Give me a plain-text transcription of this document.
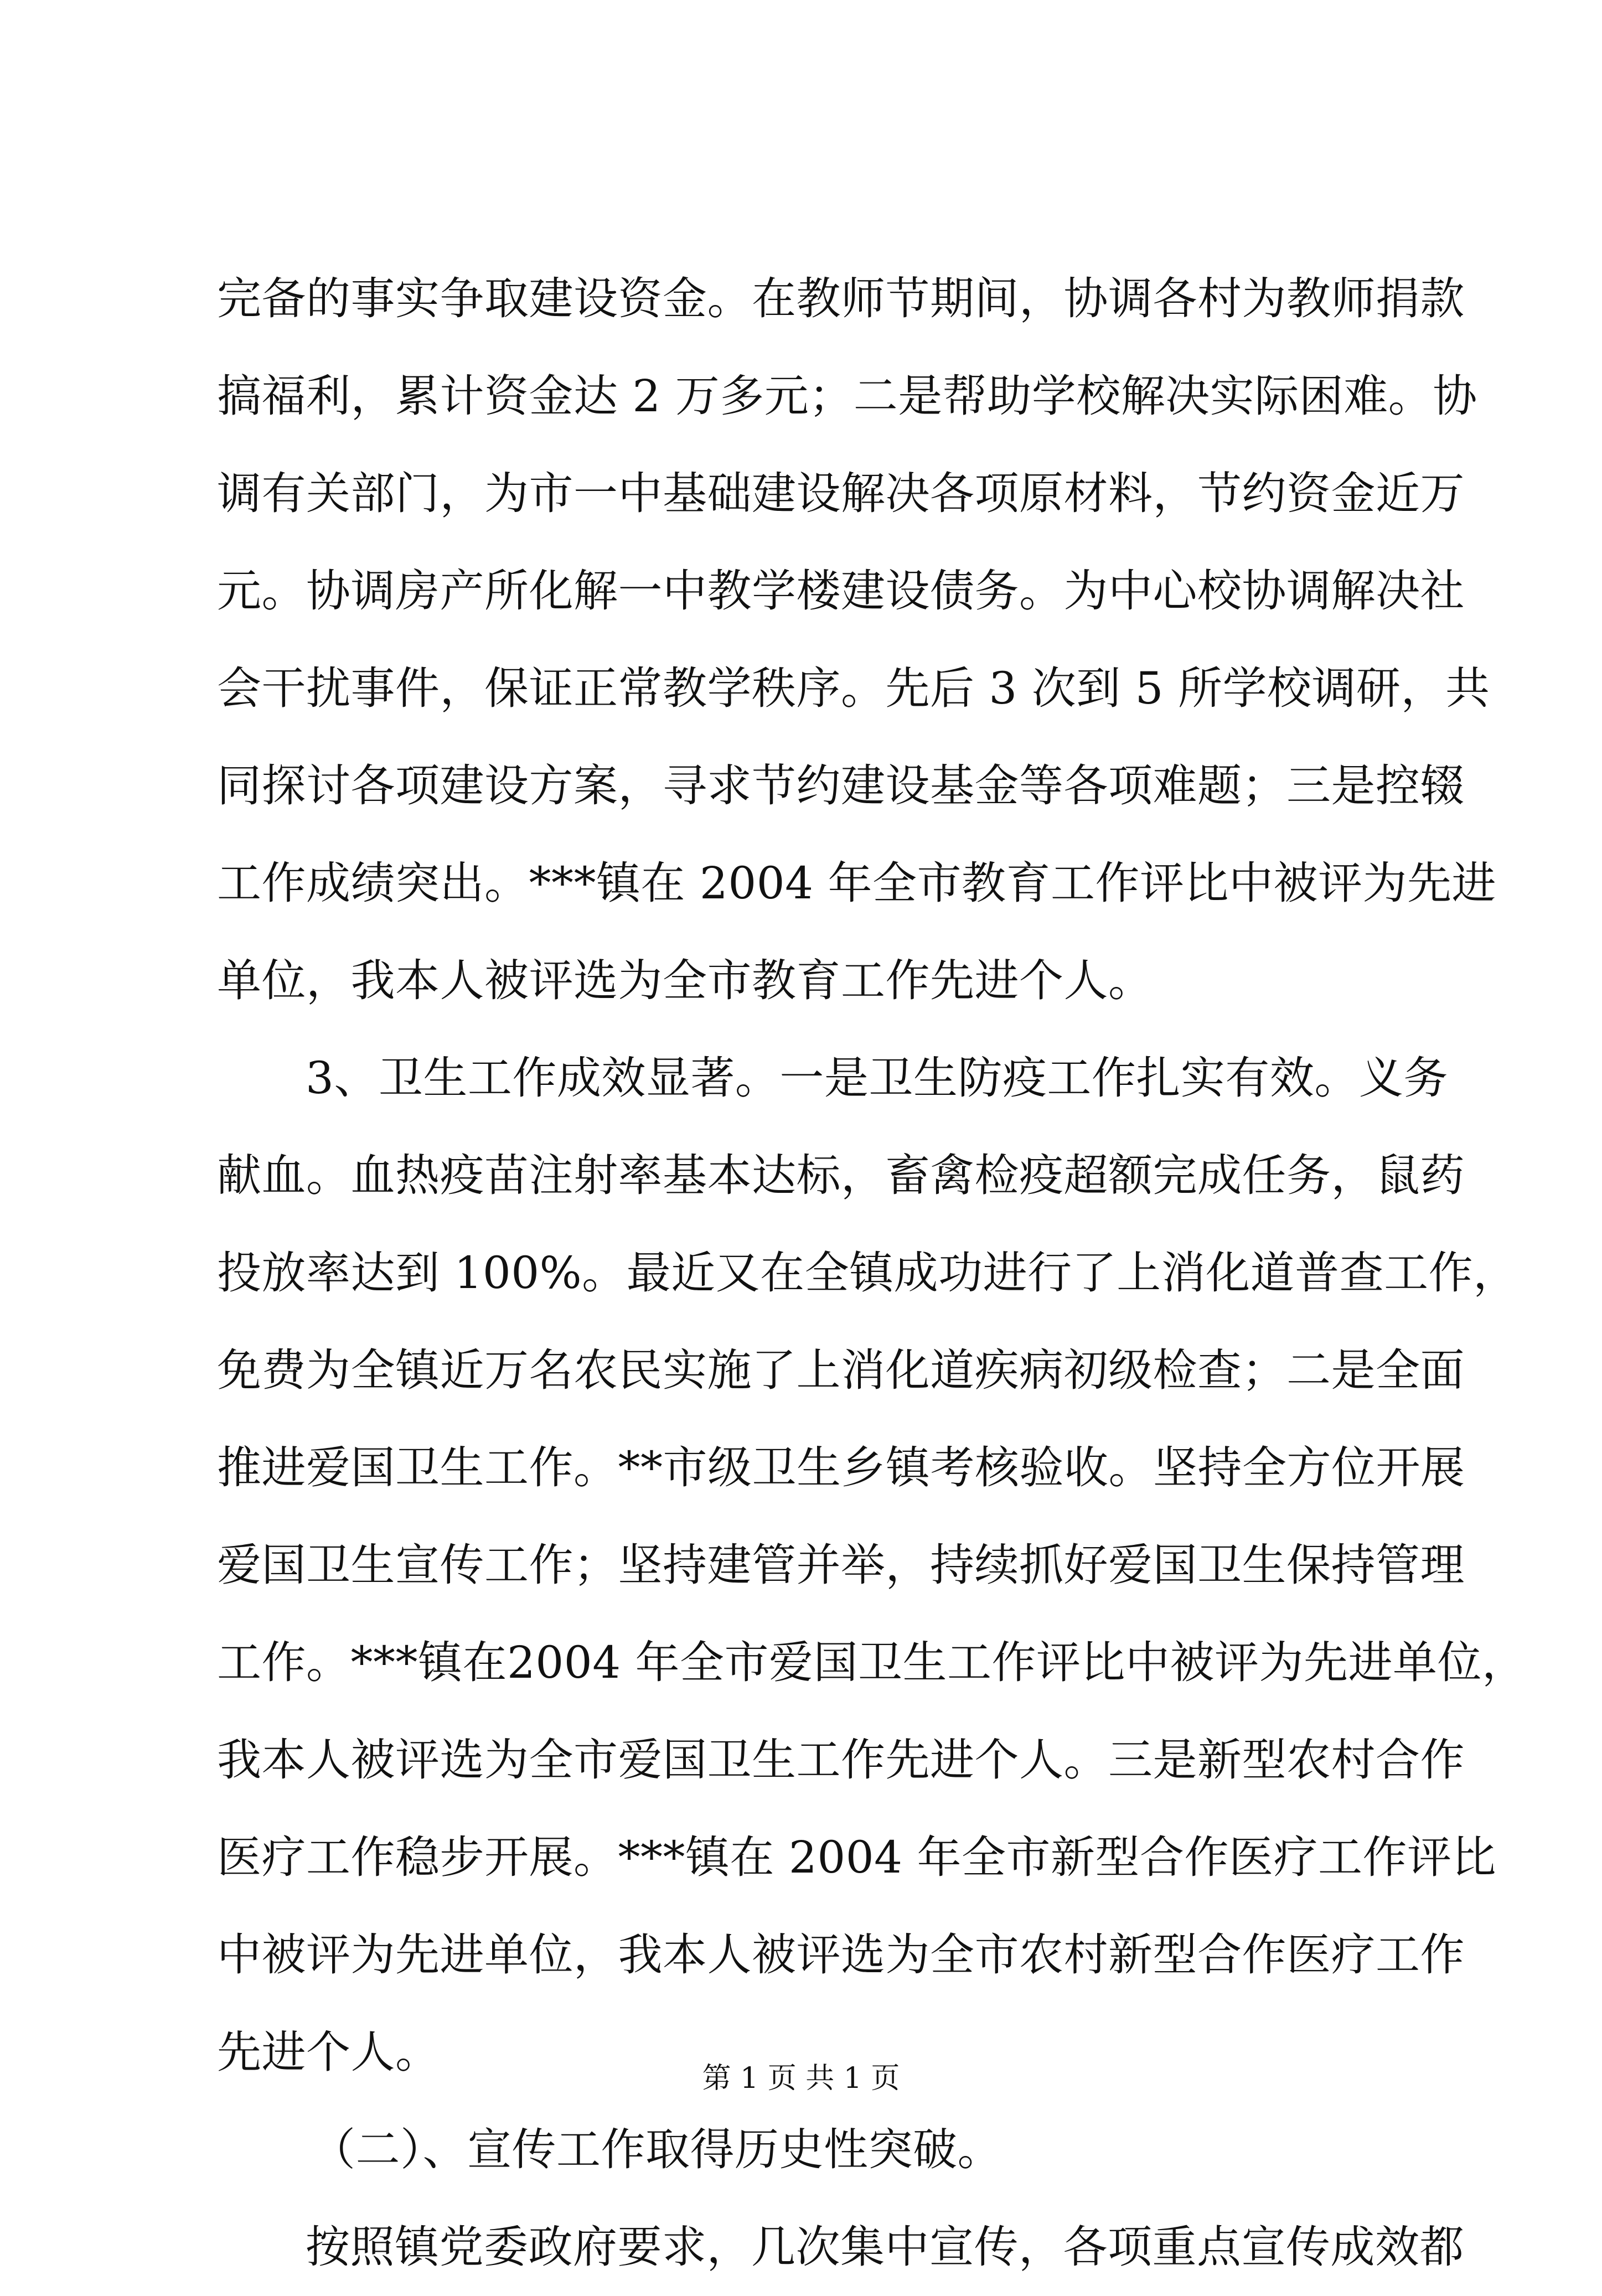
完备的事实争取建设资金。在教师节期间，协调各村为教师捐款
搞福利，累计资金达 2 万多元；二是帮助学校解决实际困难。协
调有关部门，为市一中基础建设解决各项原材料，节约资金近万
元。协调房产所化解一中教学楼建设债务。为中心校协调解决社
会干扰事件，保证正常教学秩序。先后 3 次到 5 所学校调研，共
同探讨各项建设方案，寻求节约建设基金等各项难题；三是控辍
工作成绩突出。***镇在 2004 年全市教育工作评比中被评为先进
单位，我本人被评选为全市教育工作先进个人。
3、卫生工作成效显著。一是卫生防疫工作扎实有效。义务
献血。血热疫苗注射率基本达标，畜禽检疫超额完成任务，鼠药
投放率达到 100%。最近又在全镇成功进行了上消化道普查工作，
免费为全镇近万名农民实施了上消化道疾病初级检查；二是全面
推进爱国卫生工作。**市级卫生乡镇考核验收。坚持全方位开展
爱国卫生宣传工作；坚持建管并举，持续抓好爱国卫生保持管理
工作。***镇在2004 年全市爱国卫生工作评比中被评为先进单位，
我本人被评选为全市爱国卫生工作先进个人。三是新型农村合作
医疗工作稳步开展。***镇在 2004 年全市新型合作医疗工作评比
中被评为先进单位，我本人被评选为全市农村新型合作医疗工作
先进个人。
（二）、宣传工作取得历史性突破。
按照镇党委政府要求，几次集中宣传，各项重点宣传成效都
第 1 页 共 1 页
